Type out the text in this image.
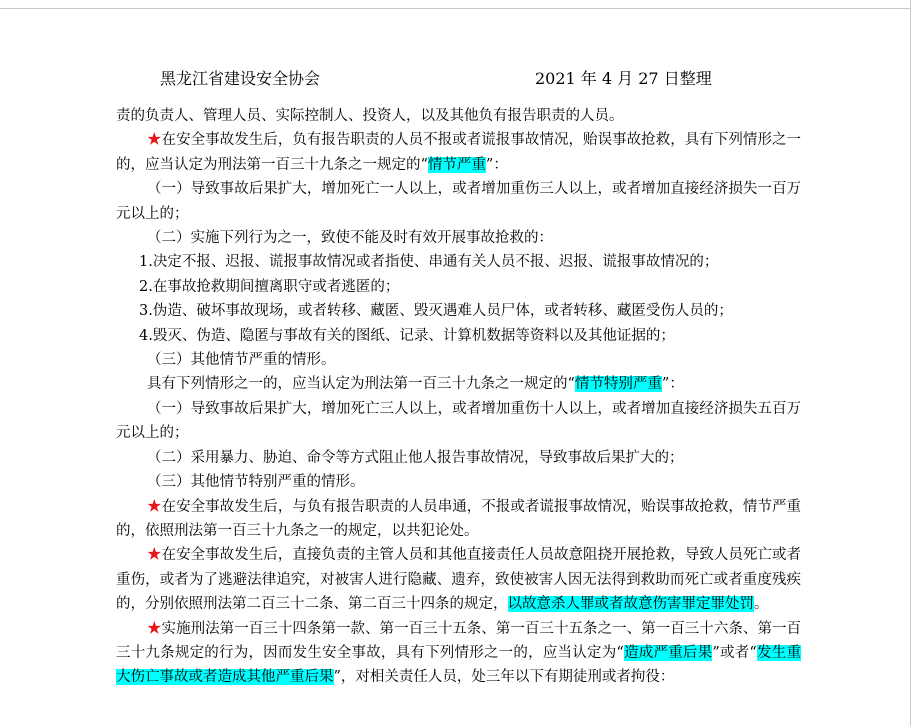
黑龙江省建设安全协会	2021 年 4 月 27 日整理

责的负责人、管理人员、实际控制人、投资人，以及其他负有报告职责的人员。

★在安全事故发生后，负有报告职责的人员不报或者谎报事故情况，贻误事故抢救，具有下列情形之一的，应当认定为刑法第一百三十九条之一规定的“情节严重”：

（一）导致事故后果扩大，增加死亡一人以上，或者增加重伤三人以上，或者增加直接经济损失一百万元以上的；

（二）实施下列行为之一，致使不能及时有效开展事故抢救的：

1.决定不报、迟报、谎报事故情况或者指使、串通有关人员不报、迟报、谎报事故情况的；

2.在事故抢救期间擅离职守或者逃匿的；

3.伪造、破坏事故现场，或者转移、藏匿、毁灭遇难人员尸体，或者转移、藏匿受伤人员的；

4.毁灭、伪造、隐匿与事故有关的图纸、记录、计算机数据等资料以及其他证据的；

（三）其他情节严重的情形。

具有下列情形之一的，应当认定为刑法第一百三十九条之一规定的“情节特别严重”：

（一）导致事故后果扩大，增加死亡三人以上，或者增加重伤十人以上，或者增加直接经济损失五百万元以上的；

（二）采用暴力、胁迫、命令等方式阻止他人报告事故情况，导致事故后果扩大的；

（三）其他情节特别严重的情形。

★在安全事故发生后，与负有报告职责的人员串通，不报或者谎报事故情况，贻误事故抢救，情节严重的，依照刑法第一百三十九条之一的规定，以共犯论处。

★在安全事故发生后，直接负责的主管人员和其他直接责任人员故意阻挠开展抢救，导致人员死亡或者重伤，或者为了逃避法律追究，对被害人进行隐藏、遗弃，致使被害人因无法得到救助而死亡或者重度残疾的，分别依照刑法第二百三十二条、第二百三十四条的规定，以故意杀人罪或者故意伤害罪定罪处罚。

★实施刑法第一百三十四条第一款、第一百三十五条、第一百三十五条之一、第一百三十六条、第一百三十九条规定的行为，因而发生安全事故，具有下列情形之一的，应当认定为“造成严重后果”或者“发生重大伤亡事故或者造成其他严重后果”，对相关责任人员，处三年以下有期徒刑或者拘役：
